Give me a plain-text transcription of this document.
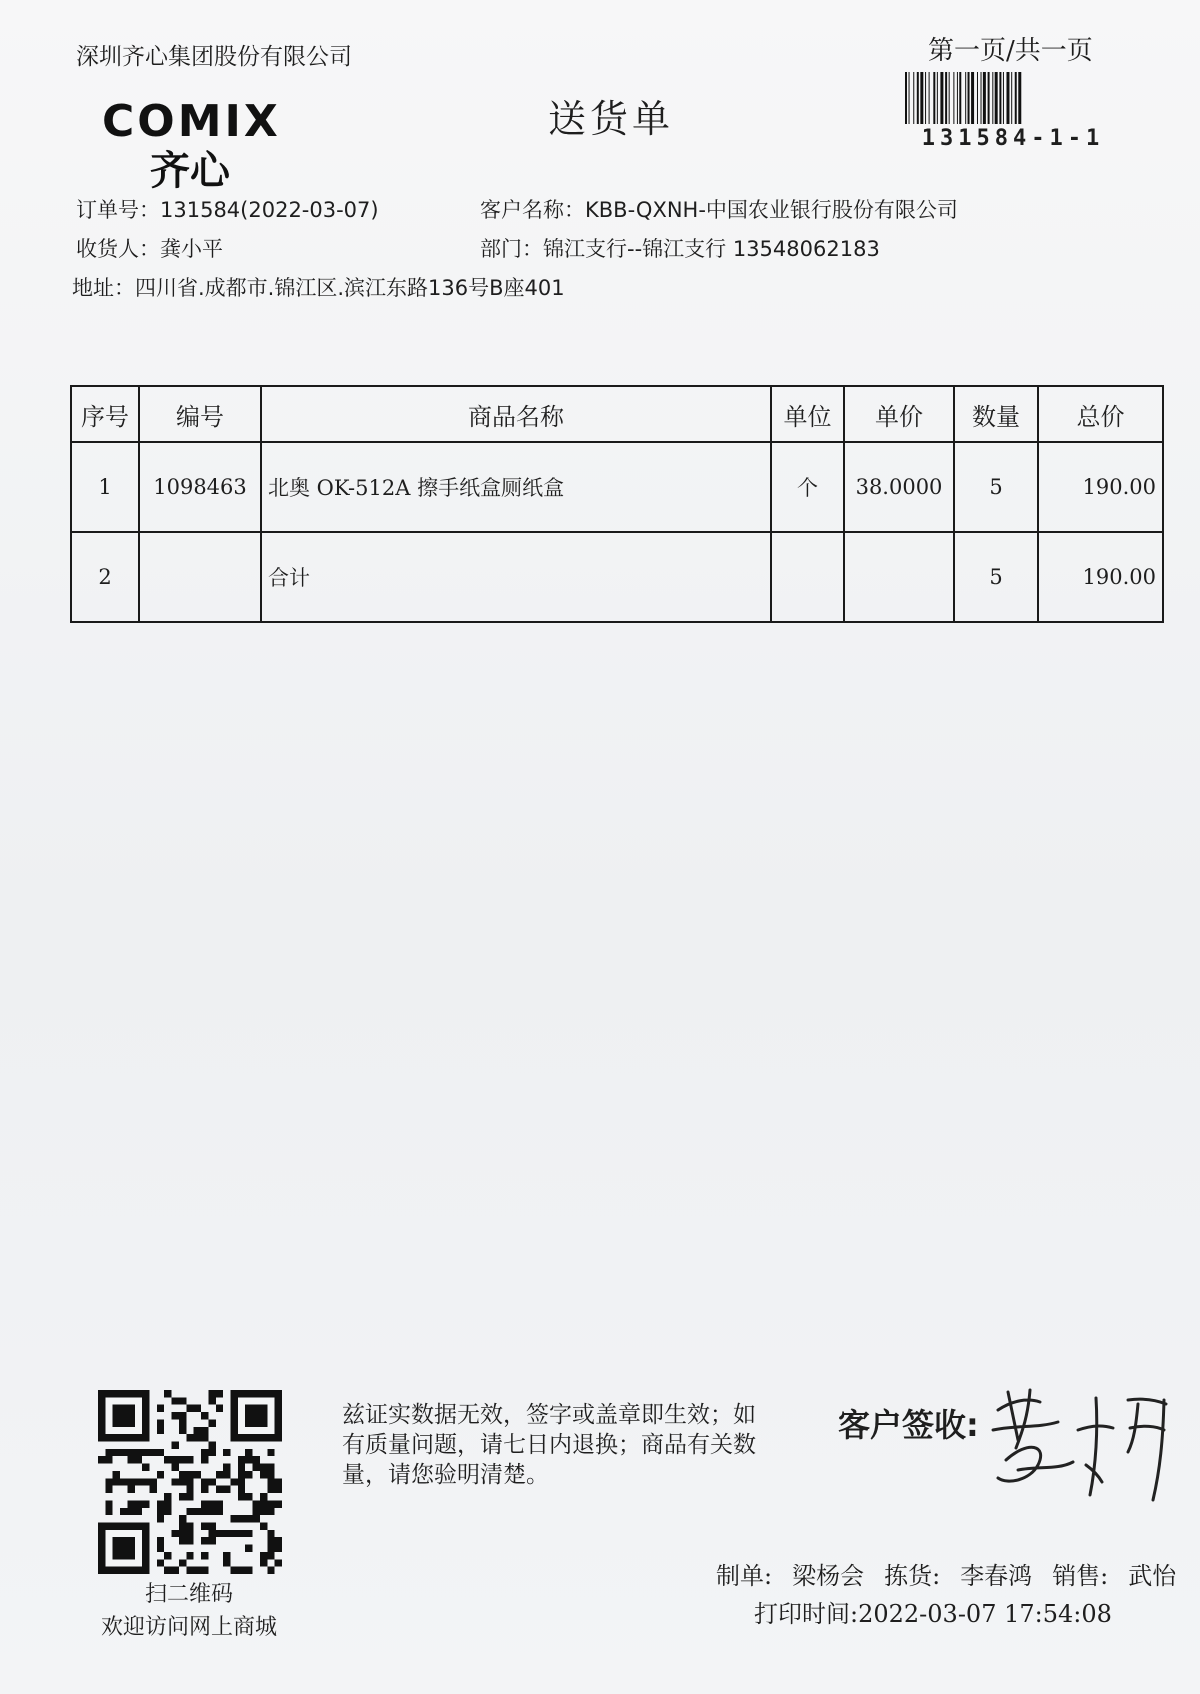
深圳齐心集团股份有限公司	第一页/共一页
COMIX
齐心
送货单	131584-1-1
订单号 ： 131584(2022-03-07)	客户名称 ： KBB-QXNH-中国农业银行股份有限公司
收货人 ： 龚小平	部门 ： 锦江支行--锦江支行 13548062183
地址 ： 四川省.成都市.锦江区.滨江东路136号B座401
序号	编号	商品名称	单位	单价	数量	总价
1	1098463	北奥 OK-512A 擦手纸盒厕纸盒	个	38.0000	5	190.00
2		合计			5	190.00
扫二维码
欢迎访问网上商城
兹证实数据无效，签字或盖章即生效；如有质量问题，请七日内退换；商品有关数量，请您验明清楚。
客户签收:
制单: 梁杨会 拣货: 李春鸿 销售: 武怡
打印时间:2022-03-07 17:54:08
